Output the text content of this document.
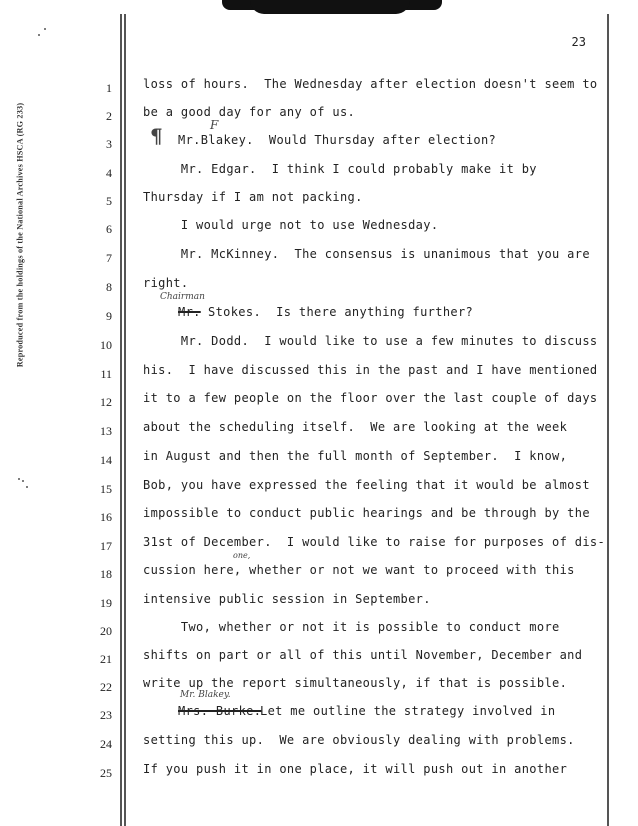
Reproduced from the holdings of the National Archives HSCA (RG 233)
23
1
2
3
4
5
6
7
8
9
10
11
12
13
14
15
16
17
18
19
20
21
22
23
24
25
loss of hours.  The Wednesday after election doesn't seem to
be a good day for any of us.
Mr.Blakey.  Would Thursday after election?
Mr. Edgar.  I think I could probably make it by
Thursday if I am not packing.
I would urge not to use Wednesday.
Mr. McKinney.  The consensus is unanimous that you are
right.
Stokes.  Is there anything further?
Mr. Dodd.  I would like to use a few minutes to discuss
his.  I have discussed this in the past and I have mentioned
it to a few people on the floor over the last couple of days
about the scheduling itself.  We are looking at the week
in August and then the full month of September.  I know,
Bob, you have expressed the feeling that it would be almost
impossible to conduct public hearings and be through by the
31st of December.  I would like to raise for purposes of dis-
cussion here, whether or not we want to proceed with this
intensive public session in September.
Two, whether or not it is possible to conduct more
shifts on part or all of this until November, December and
write up the report simultaneously, if that is possible.
Let me outline the strategy involved in
setting this up.  We are obviously dealing with problems.
If you push it in one place, it will push out in another
Mr.
Mrs. Burke.
¶	F
Chairman
one,
Mr. Blakey.
